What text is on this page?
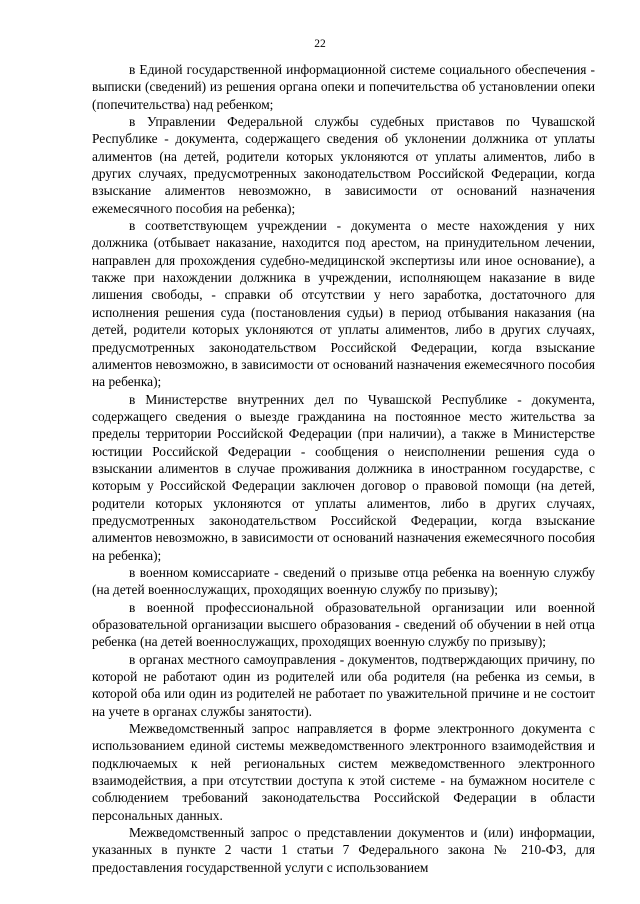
22

в Единой государственной информационной системе социального обеспечения - выписки (сведений) из решения органа опеки и попечительства об установлении опеки (попечительства) над ребенком;

в Управлении Федеральной службы судебных приставов по Чувашской Республике - документа, содержащего сведения об уклонении должника от уплаты алиментов (на детей, родители которых уклоняются от уплаты алиментов, либо в других случаях, предусмотренных законодательством Российской Федерации, когда взыскание алиментов невозможно, в зависимости от оснований назначения ежемесячного пособия на ребенка);

в соответствующем учреждении - документа о месте нахождения у них должника (отбывает наказание, находится под арестом, на принудительном лечении, направлен для прохождения судебно-медицинской экспертизы или иное основание), а также при нахождении должника в учреждении, исполняющем наказание в виде лишения свободы, - справки об отсутствии у него заработка, достаточного для исполнения решения суда (постановления судьи) в период отбывания наказания (на детей, родители которых уклоняются от уплаты алиментов, либо в других случаях, предусмотренных законодательством Российской Федерации, когда взыскание алиментов невозможно, в зависимости от оснований назначения ежемесячного пособия на ребенка);

в Министерстве внутренних дел по Чувашской Республике - документа, содержащего сведения о выезде гражданина на постоянное место жительства за пределы территории Российской Федерации (при наличии), а также в Министерстве юстиции Российской Федерации - сообщения о неисполнении решения суда о взыскании алиментов в случае проживания должника в иностранном государстве, с которым у Российской Федерации заключен договор о правовой помощи (на детей, родители которых уклоняются от уплаты алиментов, либо в других случаях, предусмотренных законодательством Российской Федерации, когда взыскание алиментов невозможно, в зависимости от оснований назначения ежемесячного пособия на ребенка);

в военном комиссариате - сведений о призыве отца ребенка на военную службу (на детей военнослужащих, проходящих военную службу по призыву);

в военной профессиональной образовательной организации или военной образовательной организации высшего образования - сведений об обучении в ней отца ребенка (на детей военнослужащих, проходящих военную службу по призыву);

в органах местного самоуправления - документов, подтверждающих причину, по которой не работают один из родителей или оба родителя (на ребенка из семьи, в которой оба или один из родителей не работает по уважительной причине и не состоит на учете в органах службы занятости).

Межведомственный запрос направляется в форме электронного документа с использованием единой системы межведомственного электронного взаимодействия и подключаемых к ней региональных систем межведомственного электронного взаимодействия, а при отсутствии доступа к этой системе - на бумажном носителе с соблюдением требований законодательства Российской Федерации в области персональных данных.

Межведомственный запрос о представлении документов и (или) информации, указанных в пункте 2 части 1 статьи 7 Федерального закона № 210-ФЗ, для предоставления государственной услуги с использованием
